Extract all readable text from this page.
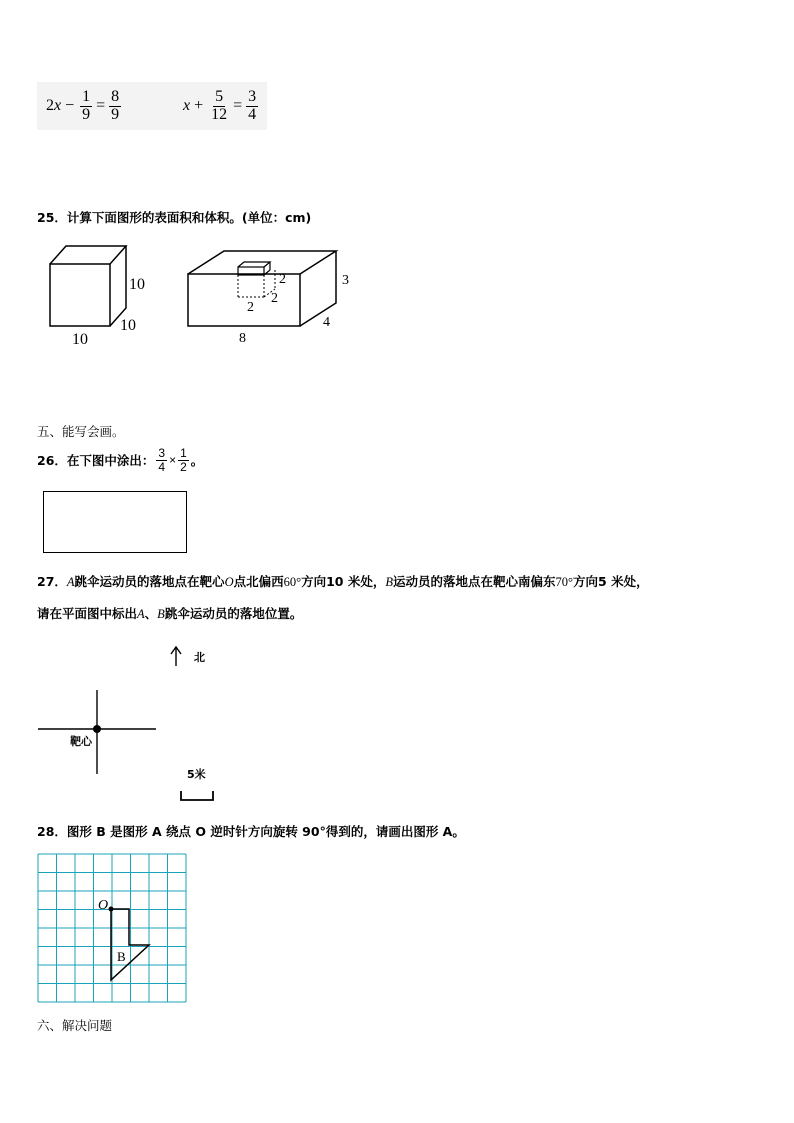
2 $x - \frac{1}{9} = \frac{8}{9}$	$x + \frac{5}{12} = \frac{3}{4}$
25．计算下面图形的表面积和体积。(单位：cm)
10
10
10
2
2
2
3
4
8
五、能写会画。
26．在下图中涂出： $\frac{3}{4} \times \frac{1}{2}$ 。
27．A跳伞运动员的落地点在靶心O点北偏西60°方向10 米处，B运动员的落地点在靶心南偏东70°方向5 米处，
请在平面图中标出A、B跳伞运动员的落地位置。
北
靶心
5米
28．图形 B 是图形 A 绕点 O 逆时针方向旋转 90°得到的，请画出图形 A。
O
B
六、解决问题
